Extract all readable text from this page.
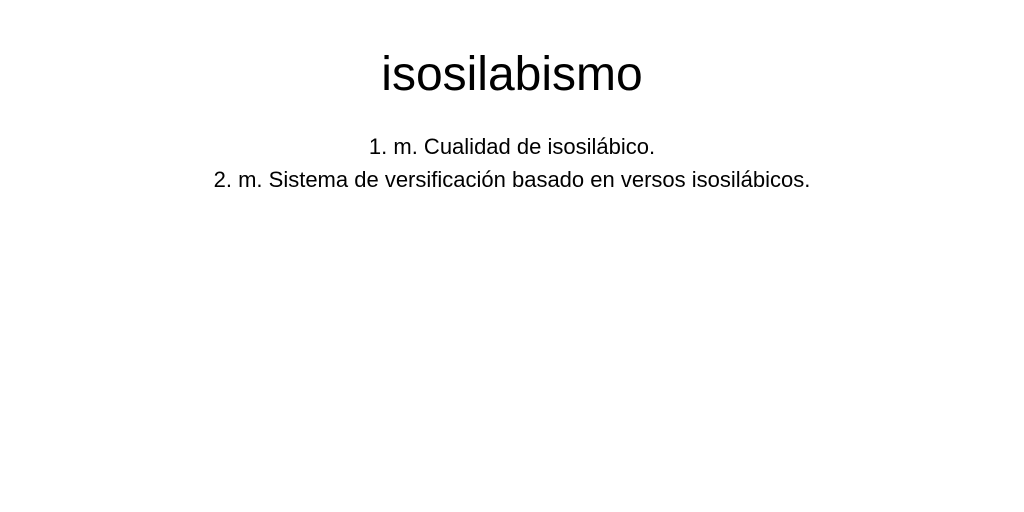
isosilabismo
1. m. Cualidad de isosilábico.
2. m. Sistema de versificación basado en versos isosilábicos.
